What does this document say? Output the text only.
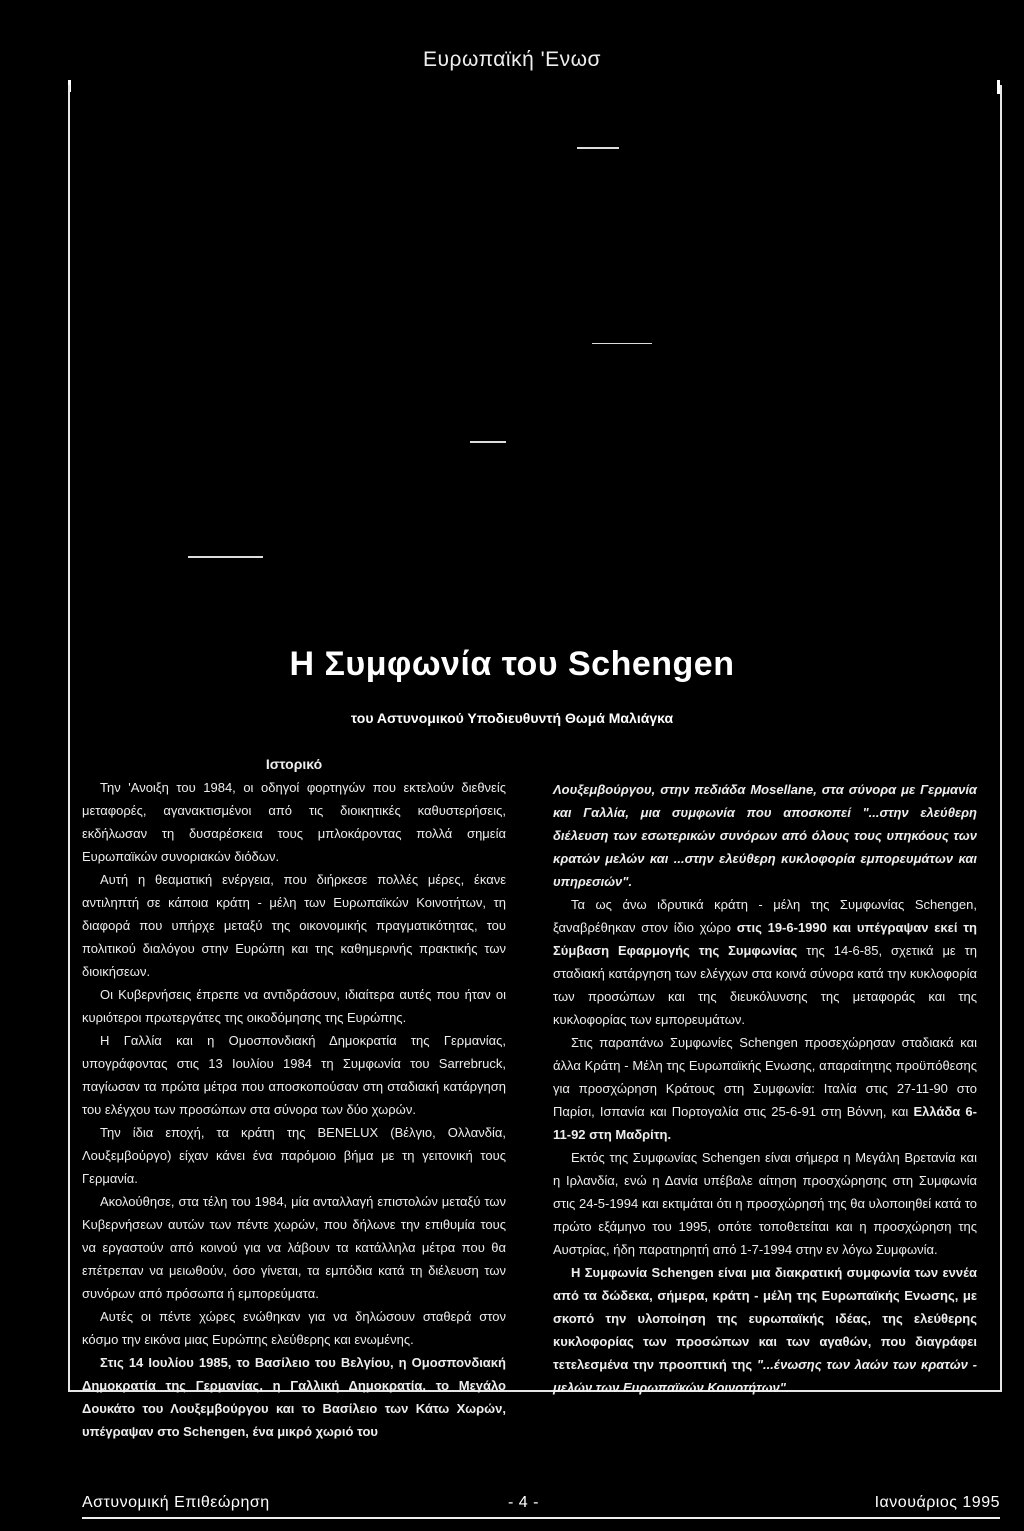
Ευρωπαϊκή 'Ενωσ
Η Συμφωνία του Schengen
του Αστυνομικού Υποδιευθυντή Θωμά Μαλιάγκα
Ιστορικό

Την 'Ανοιξη του 1984, οι οδηγοί φορτηγών που εκτελούν διεθνείς μεταφορές, αγανακτισμένοι από τις διοικητικές καθυστερήσεις, εκδήλωσαν τη δυσαρέσκεια τους μπλοκάροντας πολλά σημεία Ευρωπαϊκών συνοριακών διόδων.

Αυτή η θεαματική ενέργεια, που διήρκεσε πολλές μέρες, έκανε αντιληπτή σε κάποια κράτη - μέλη των Ευρωπαϊκών Κοινοτήτων, τη διαφορά που υπήρχε μεταξύ της οικονομικής πραγματικότητας, του πολιτικού διαλόγου στην Ευρώπη και της καθημερινής πρακτικής των διοικήσεων.

Οι Κυβερνήσεις έπρεπε να αντιδράσουν, ιδιαίτερα αυτές που ήταν οι κυριότεροι πρωτεργάτες της οικοδόμησης της Ευρώπης.

Η Γαλλία και η Ομοσπονδιακή Δημοκρατία της Γερμανίας, υπογράφοντας στις 13 Ιουλίου 1984 τη Συμφωνία του Sarrebruck, παγίωσαν τα πρώτα μέτρα που αποσκοπούσαν στη σταδιακή κατάργηση του ελέγχου των προσώπων στα σύνορα των δύο χωρών.

Την ίδια εποχή, τα κράτη της BENELUX (Βέλγιο, Ολλανδία, Λουξεμβούργο) είχαν κάνει ένα παρόμοιο βήμα με τη γειτονική τους Γερμανία.

Ακολούθησε, στα τέλη του 1984, μία ανταλλαγή επιστολών μεταξύ των Κυβερνήσεων αυτών των πέντε χωρών, που δήλωνε την επιθυμία τους να εργαστούν από κοινού για να λάβουν τα κατάλληλα μέτρα που θα επέτρεπαν να μειωθούν, όσο γίνεται, τα εμπόδια κατά τη διέλευση των συνόρων από πρόσωπα ή εμπορεύματα.

Αυτές οι πέντε χώρες ενώθηκαν για να δηλώσουν σταθερά στον κόσμο την εικόνα μιας Ευρώπης ελεύθερης και ενωμένης.

Στις 14 Ιουλίου 1985, το Βασίλειο του Βελγίου, η Ομοσπονδιακή Δημοκρατία της Γερμανίας, η Γαλλική Δημοκρατία, το Μεγάλο Δουκάτο του Λουξεμβούργου και το Βασίλειο των Κάτω Χωρών, υπέγραψαν στο Schengen, ένα μικρό χωριό του

Λουξεμβούργου, στην πεδιάδα Mosellane, στα σύνορα με Γερμανία και Γαλλία, μια συμφωνία που αποσκοπεί "...στην ελεύθερη διέλευση των εσωτερικών συνόρων από όλους τους υπηκόους των κρατών μελών και ...στην ελεύθερη κυκλοφορία εμπορευμάτων και υπηρεσιών".

Τα ως άνω ιδρυτικά κράτη - μέλη της Συμφωνίας Schengen, ξαναβρέθηκαν στον ίδιο χώρο στις 19-6-1990 και υπέγραψαν εκεί τη Σύμβαση Εφαρμογής της Συμφωνίας της 14-6-85, σχετικά με τη σταδιακή κατάργηση των ελέγχων στα κοινά σύνορα κατά την κυκλοφορία των προσώπων και της διευκόλυνσης της μεταφοράς και της κυκλοφορίας των εμπορευμάτων.

Στις παραπάνω Συμφωνίες Schengen προσεχώρησαν σταδιακά και άλλα Κράτη - Μέλη της Ευρωπαϊκής Ενωσης, απαραίτητης προϋπόθεσης για προσχώρηση Κράτους στη Συμφωνία: Ιταλία στις 27-11-90 στο Παρίσι, Ισπανία και Πορτογαλία στις 25-6-91 στη Βόννη, και Ελλάδα 6-11-92 στη Μαδρίτη.

Εκτός της Συμφωνίας Schengen είναι σήμερα η Μεγάλη Βρετανία και η Ιρλανδία, ενώ η Δανία υπέβαλε αίτηση προσχώρησης στη Συμφωνία στις 24-5-1994 και εκτιμάται ότι η προσχώρησή της θα υλοποιηθεί κατά το πρώτο εξάμηνο του 1995, οπότε τοποθετείται και η προσχώρηση της Αυστρίας, ήδη παρατηρητή από 1-7-1994 στην εν λόγω Συμφωνία.

Η Συμφωνία Schengen είναι μια διακρατική συμφωνία των εννέα από τα δώδεκα, σήμερα, κράτη - μέλη της Ευρωπαϊκής Ενωσης, με σκοπό την υλοποίηση της ευρωπαϊκής ιδέας, της ελεύθερης κυκλοφορίας των προσώπων και των αγαθών, που διαγράφει τετελεσμένα την προοπτική της "...ένωσης των λαών των κρατών - μελών των Ευρωπαϊκών Κοινοτήτων".

Αστυνομική Επιθεώρηση	- 4 -	Ιανουάριος 1995
